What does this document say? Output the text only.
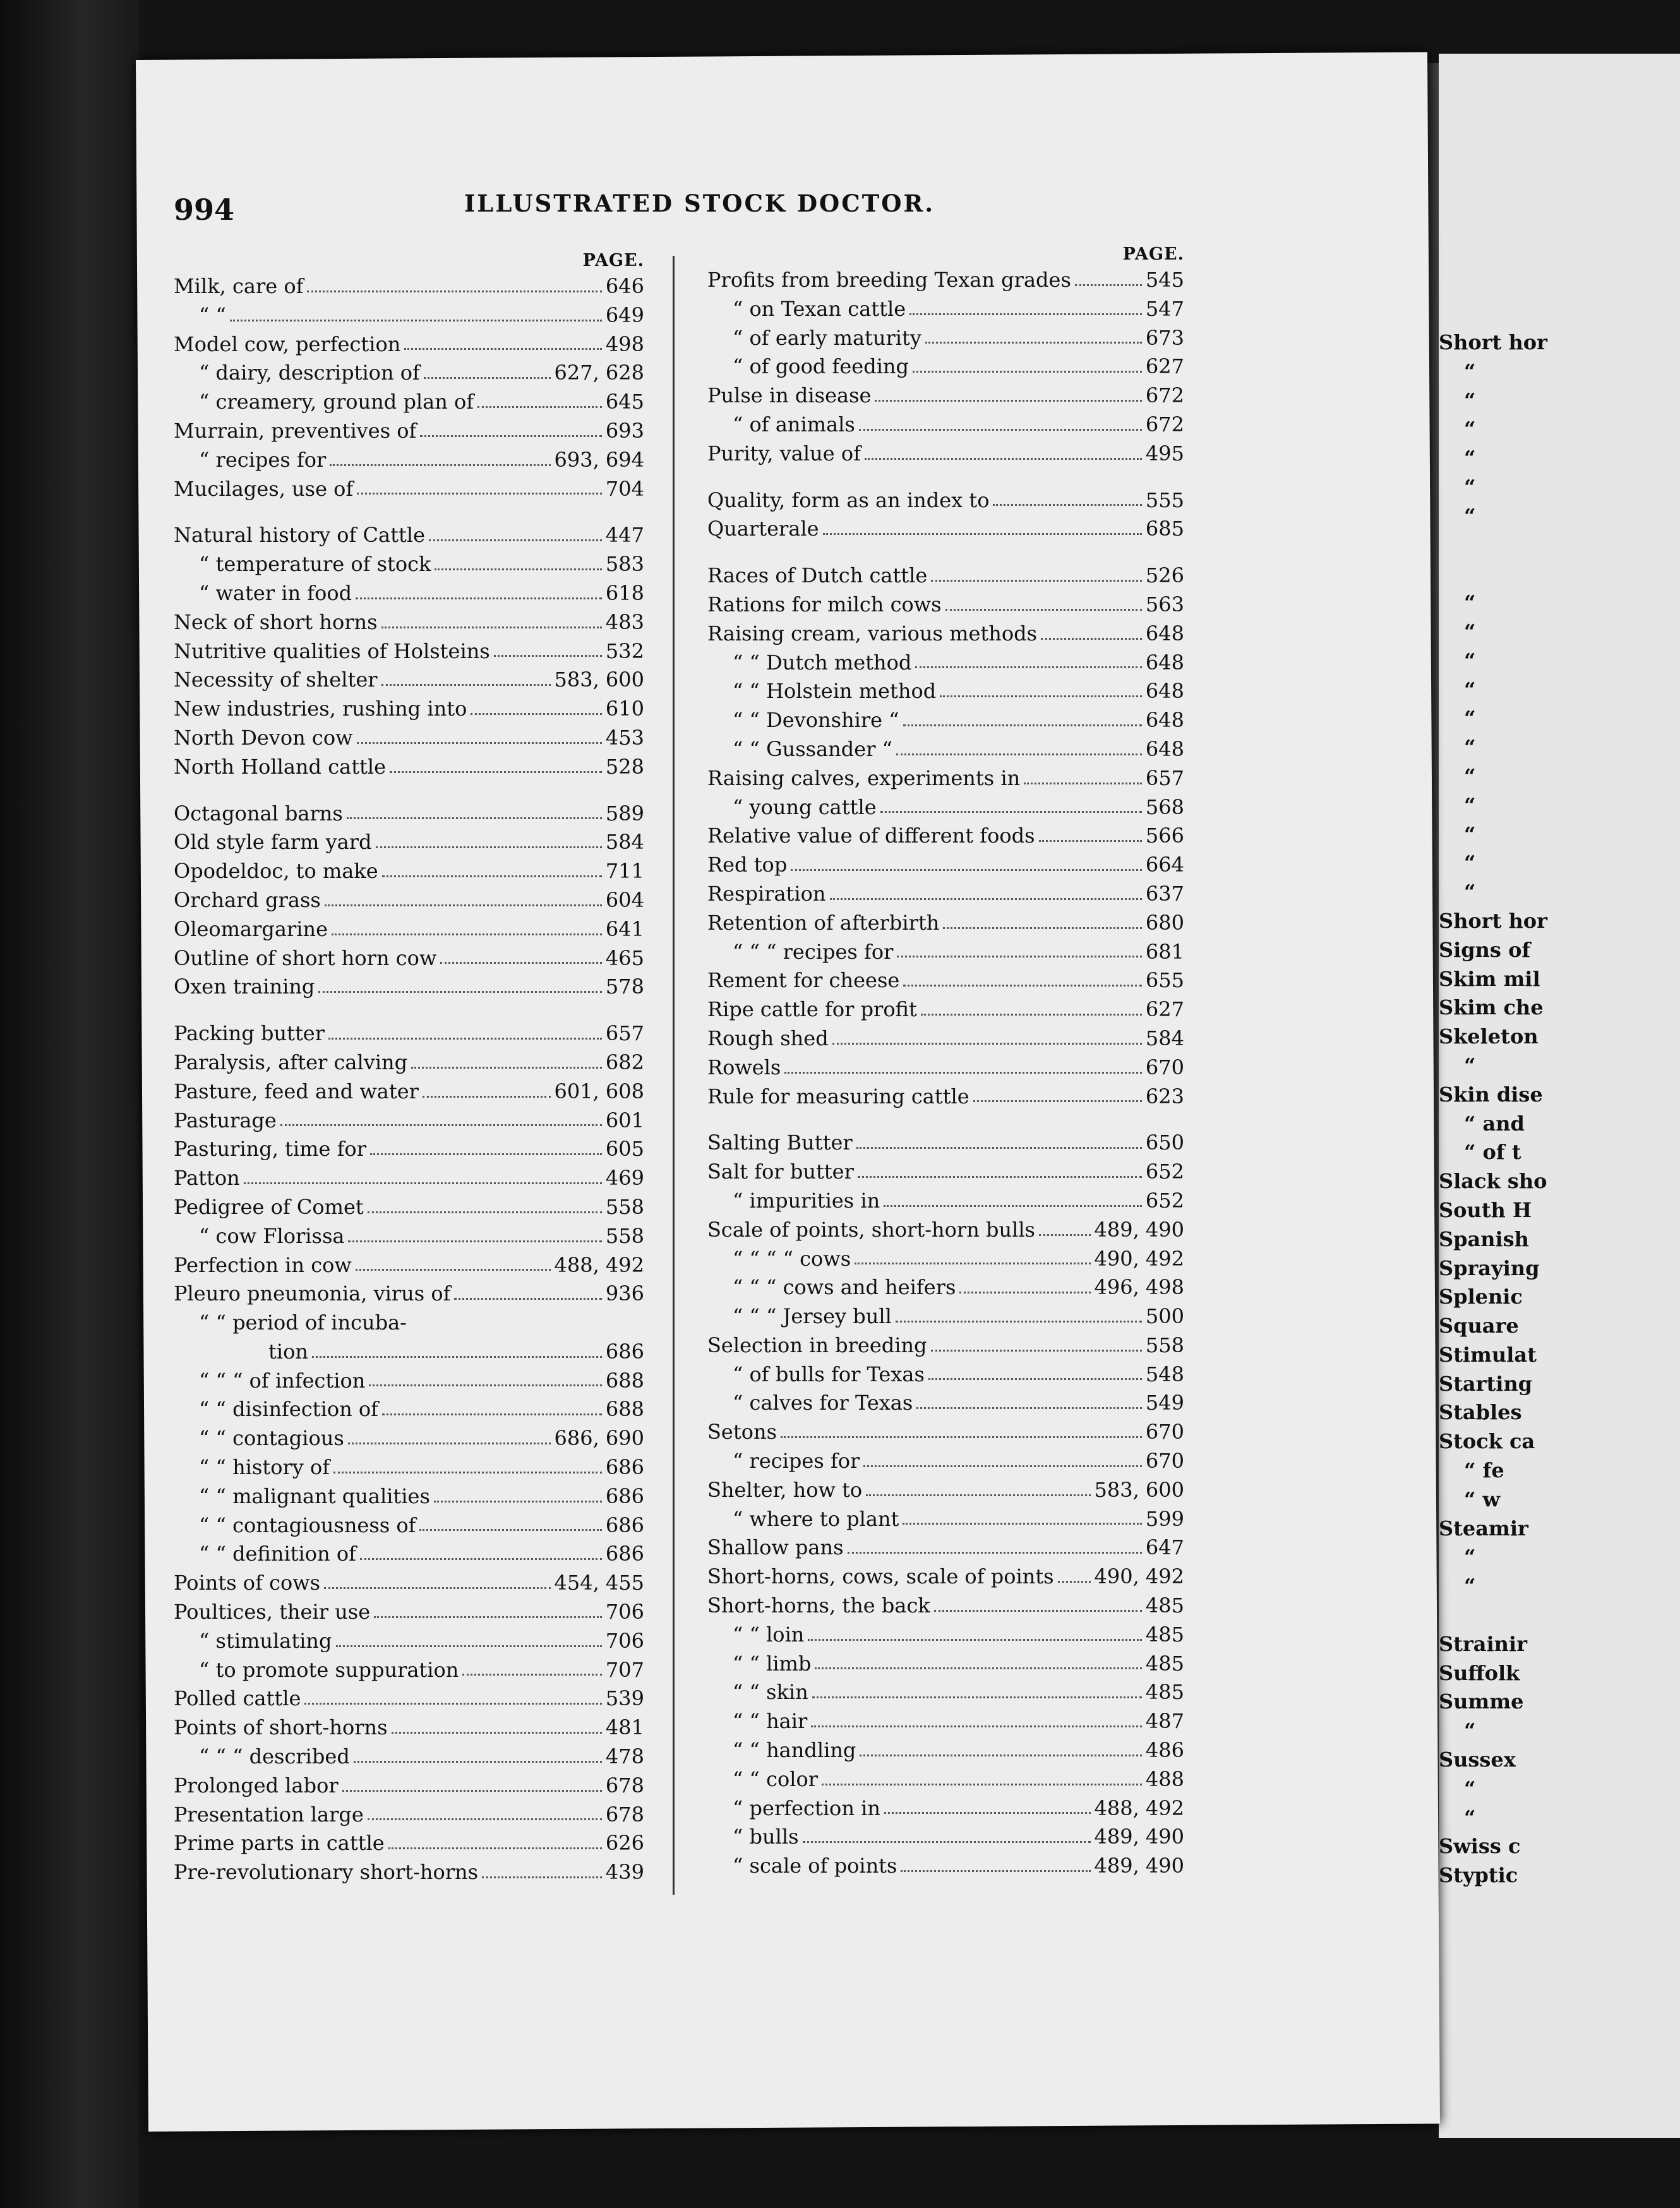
994	ILLUSTRATED STOCK DOCTOR.
PAGE.
Milk, care of	646
“ “	649
Model cow, perfection	498
“ dairy, description of	627, 628
“ creamery, ground plan of	645
Murrain, preventives of	693
“ recipes for	693, 694
Mucilages, use of	704
Natural history of Cattle	447
“ temperature of stock	583
“ water in food	618
Neck of short horns	483
Nutritive qualities of Holsteins	532
Necessity of shelter	583, 600
New industries, rushing into	610
North Devon cow	453
North Holland cattle	528
Octagonal barns	589
Old style farm yard	584
Opodeldoc, to make	711
Orchard grass	604
Oleomargarine	641
Outline of short horn cow	465
Oxen training	578
Packing butter	657
Paralysis, after calving	682
Pasture, feed and water	601, 608
Pasturage	601
Pasturing, time for	605
Patton	469
Pedigree of Comet	558
“ cow Florissa	558
Perfection in cow	488, 492
Pleuro pneumonia, virus of	936
“ “ period of incuba-
tion	686
“ “ “ of infection	688
“ “ disinfection of	688
“ “ contagious	686, 690
“ “ history of	686
“ “ malignant qualities	686
“ “ contagiousness of	686
“ “ definition of	686
Points of cows	454, 455
Poultices, their use	706
“ stimulating	706
“ to promote suppuration	707
Polled cattle	539
Points of short-horns	481
“ “ “ described	478
Prolonged labor	678
Presentation large	678
Prime parts in cattle	626
Pre-revolutionary short-horns	439
PAGE.
Profits from breeding Texan grades	545
“ on Texan cattle	547
“ of early maturity	673
“ of good feeding	627
Pulse in disease	672
“ of animals	672
Purity, value of	495
Quality, form as an index to	555
Quarterale	685
Races of Dutch cattle	526
Rations for milch cows	563
Raising cream, various methods	648
“ “ Dutch method	648
“ “ Holstein method	648
“ “ Devonshire “	648
“ “ Gussander “	648
Raising calves, experiments in	657
“ young cattle	568
Relative value of different foods	566
Red top	664
Respiration	637
Retention of afterbirth	680
“ “ “ recipes for	681
Rement for cheese	655
Ripe cattle for profit	627
Rough shed	584
Rowels	670
Rule for measuring cattle	623
Salting Butter	650
Salt for butter	652
“ impurities in	652
Scale of points, short-horn bulls	489, 490
“ “ “ “ cows	490, 492
“ “ “ cows and heifers	496, 498
“ “ “ Jersey bull	500
Selection in breeding	558
“ of bulls for Texas	548
“ calves for Texas	549
Setons	670
“ recipes for	670
Shelter, how to	583, 600
“ where to plant	599
Shallow pans	647
Short-horns, cows, scale of points 490, 492
Short-horns, the back	485
“ “ loin	485
“ “ limb	485
“ “ skin	485
“ “ hair	487
“ “ handling	486
“ “ color	488
“ perfection in	488, 492
“ bulls	489, 490
“ scale of points	489, 490
Short hor
“
“
“
“
“
“
“
“
“
“
“
“
“
“
“
“
“
Short hor
Signs of
Skim mil
Skim che
Skeleton
“
Skin dise
“ and
“ of t
Slack sho
South H
Spanish
Spraying
Splenic
Square
Stimulat
Starting
Stables
Stock ca
“ fe
“ w
Steamir
“
“
Strainir
Suffolk
Summe
“
Sussex
“
“
Swiss c
Styptic
